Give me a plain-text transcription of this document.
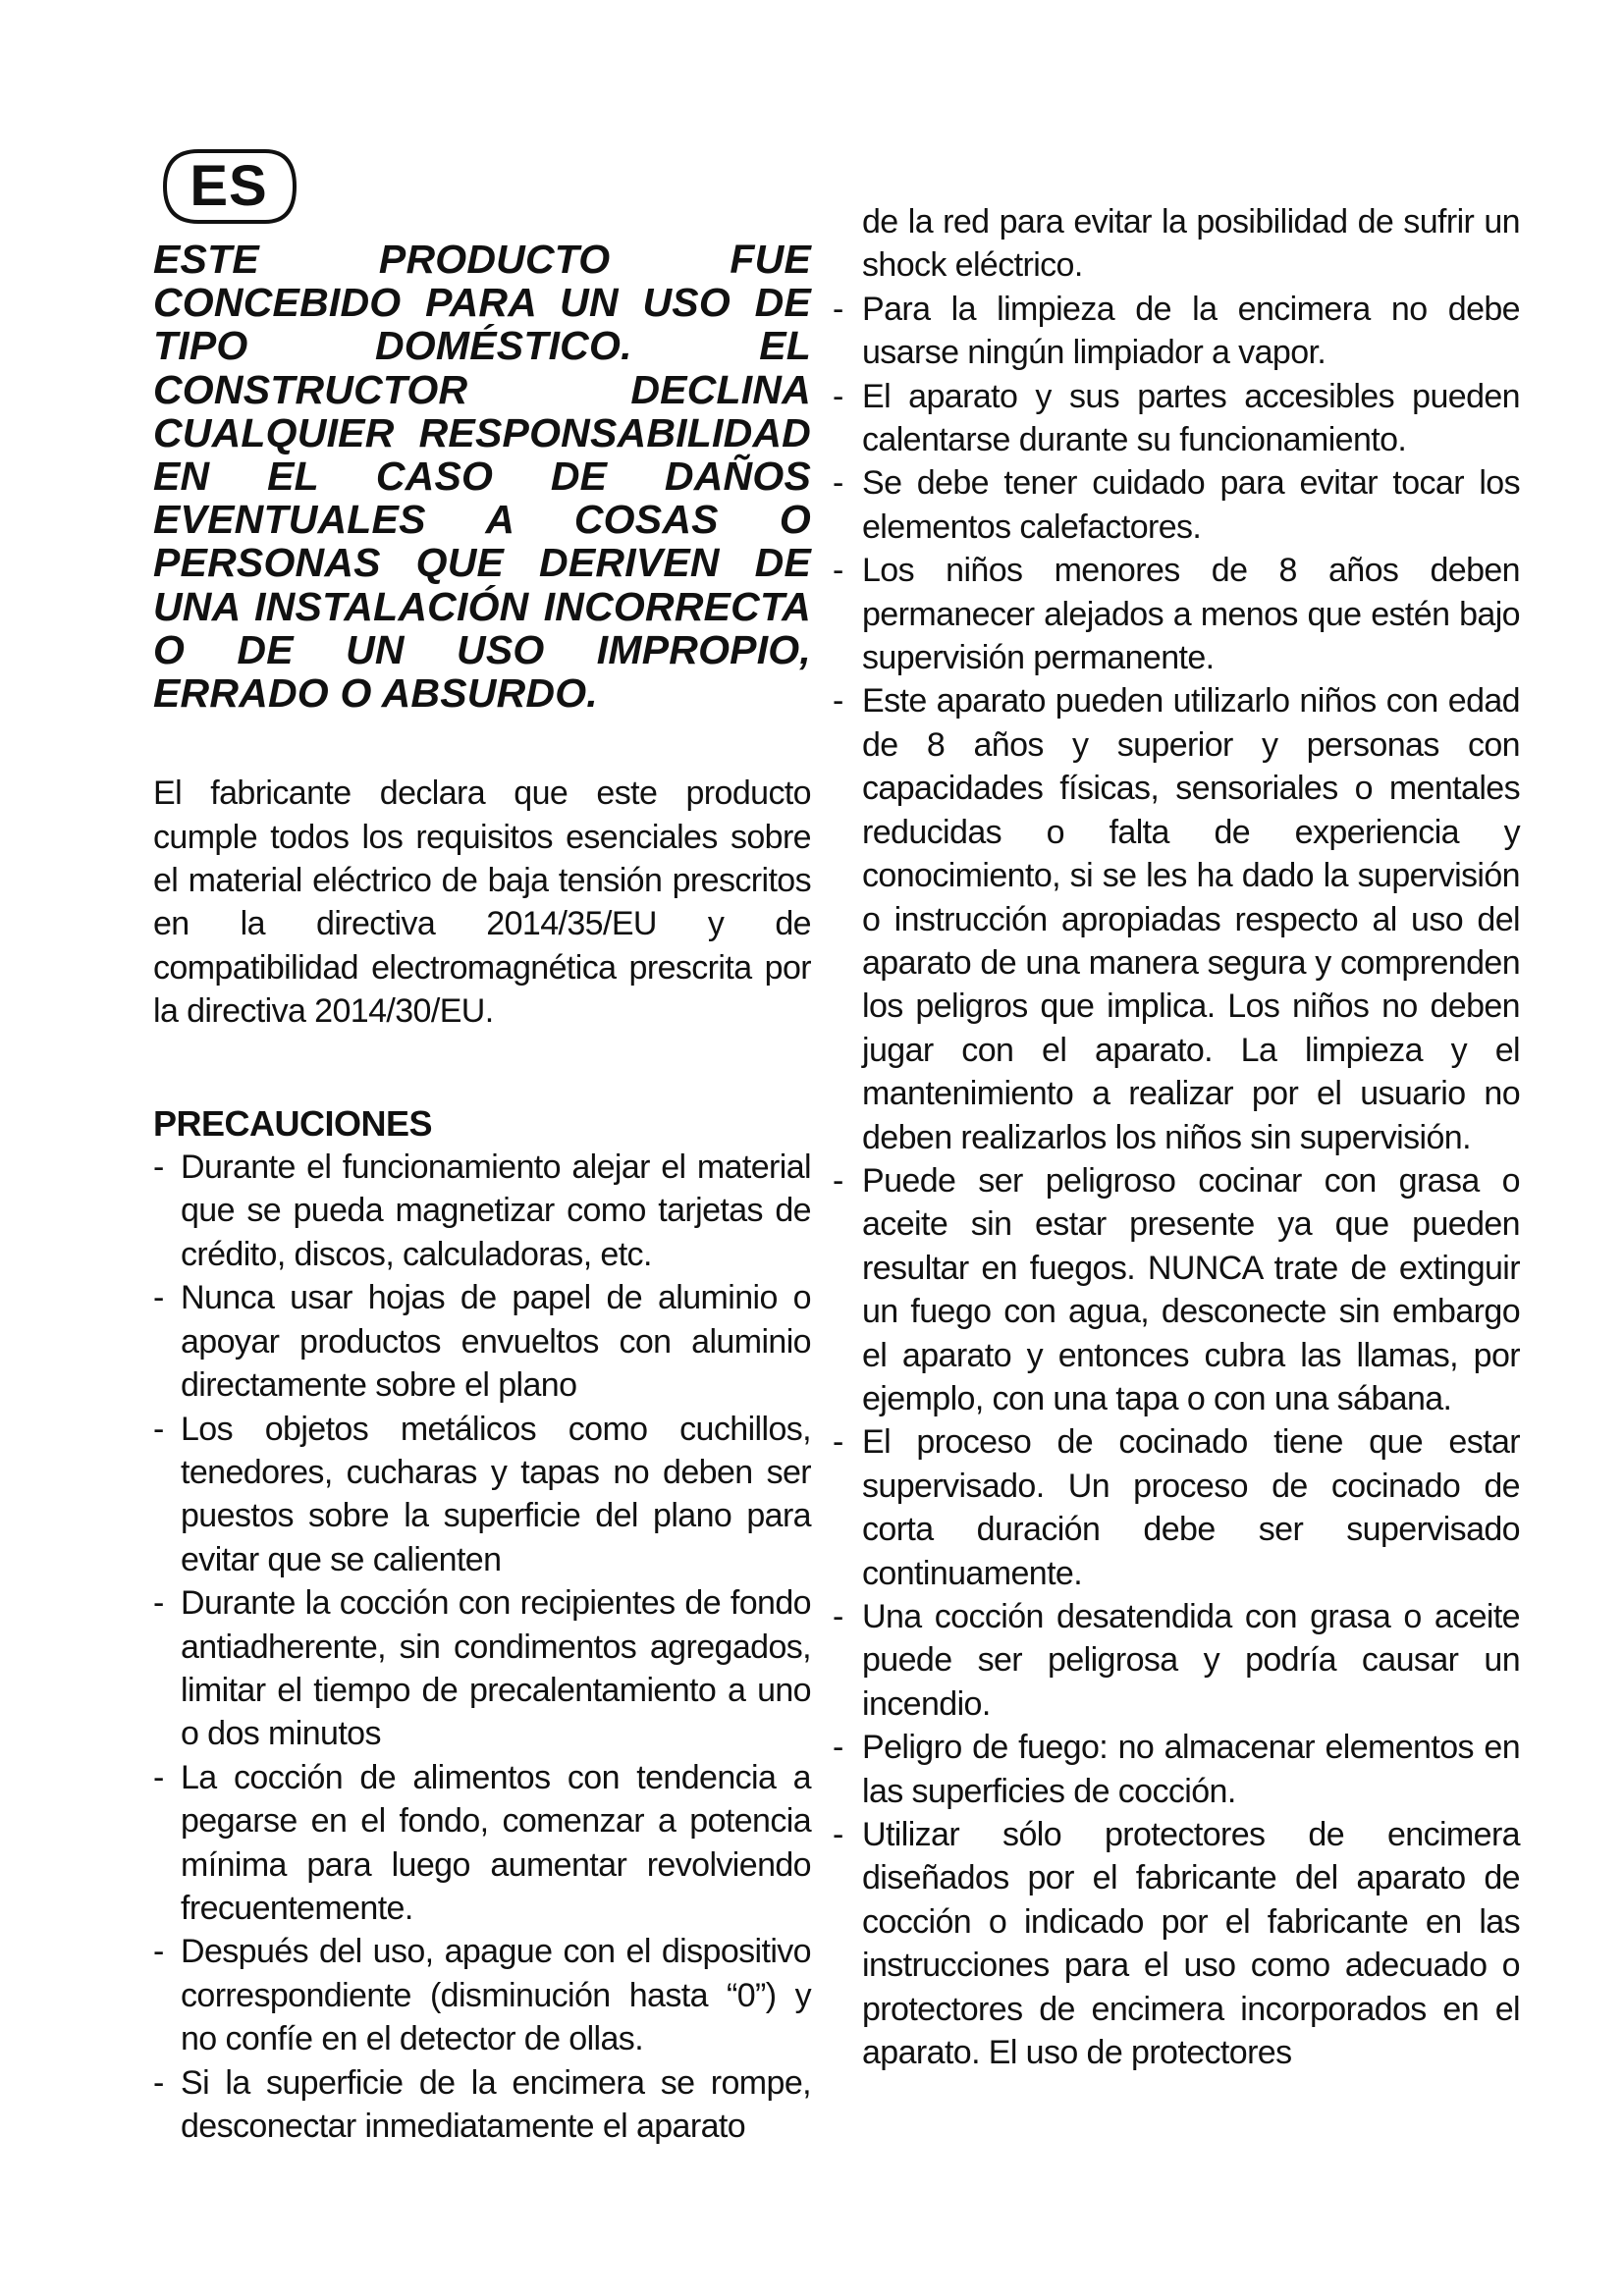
ES

ESTE PRODUCTO FUE CONCEBIDO PARA UN USO DE TIPO DOMÉSTICO. EL CONSTRUCTOR DECLINA CUALQUIER RESPONSABILIDAD EN EL CASO DE DAÑOS EVENTUALES A COSAS O PERSONAS QUE DERIVEN DE UNA INSTALACIÓN INCORRECTA O DE UN USO IMPROPIO, ERRADO O ABSURDO.

El fabricante declara que este producto cumple todos los requisitos esenciales sobre el material eléctrico de baja tensión prescritos en la directiva 2014/35/EU y de compatibilidad electromagnética prescrita por la directiva 2014/30/EU.
PRECAUCIONES
- Durante el funcionamiento alejar el material que se pueda magnetizar como tarjetas de crédito, discos, calculadoras, etc.
- Nunca usar hojas de papel de aluminio o apoyar productos envueltos con aluminio directamente sobre el plano
- Los objetos metálicos como cuchillos, tenedores, cucharas y tapas no deben ser puestos sobre la superficie del plano para evitar que se calienten
- Durante la cocción con recipientes de fondo antiadherente, sin condimentos agregados, limitar el tiempo de precalentamiento a uno o dos minutos
- La cocción de alimentos con tendencia a pegarse en el fondo, comenzar a potencia mínima para luego aumentar revolviendo frecuentemente.
- Después del uso, apague con el dispositivo correspondiente (disminución hasta “0”) y no confíe en el detector de ollas.
- Si la superficie de la encimera se rompe, desconectar inmediatamente el aparato
de la red para evitar la posibilidad de sufrir un shock eléctrico.
- Para la limpieza de la encimera no debe usarse ningún limpiador a vapor.
- El aparato y sus partes accesibles pueden calentarse durante su funcionamiento.
- Se debe tener cuidado para evitar tocar los elementos calefactores.
- Los niños menores de 8 años deben permanecer alejados a menos que estén bajo supervisión permanente.
- Este aparato pueden utilizarlo niños con edad de 8 años y superior y personas con capacidades físicas, sensoriales o mentales reducidas o falta de experiencia y conocimiento, si se les ha dado la supervisión o instrucción apropiadas respecto al uso del aparato de una manera segura y comprenden los peligros que implica. Los niños no deben jugar con el aparato. La limpieza y el mantenimiento a realizar por el usuario no deben realizarlos los niños sin supervisión.
- Puede ser peligroso cocinar con grasa o aceite sin estar presente ya que pueden resultar en fuegos. NUNCA trate de extinguir un fuego con agua, desconecte sin embargo el aparato y entonces cubra las llamas, por ejemplo, con una tapa o con una sábana.
- El proceso de cocinado tiene que estar supervisado. Un proceso de cocinado de corta duración debe ser supervisado continuamente.
- Una cocción desatendida con grasa o aceite puede ser peligrosa y podría causar un incendio.
- Peligro de fuego: no almacenar elementos en las superficies de cocción.
- Utilizar sólo protectores de encimera diseñados por el fabricante del aparato de cocción o indicado por el fabricante en las instrucciones para el uso como adecuado o protectores de encimera incorporados en el aparato. El uso de protectores
